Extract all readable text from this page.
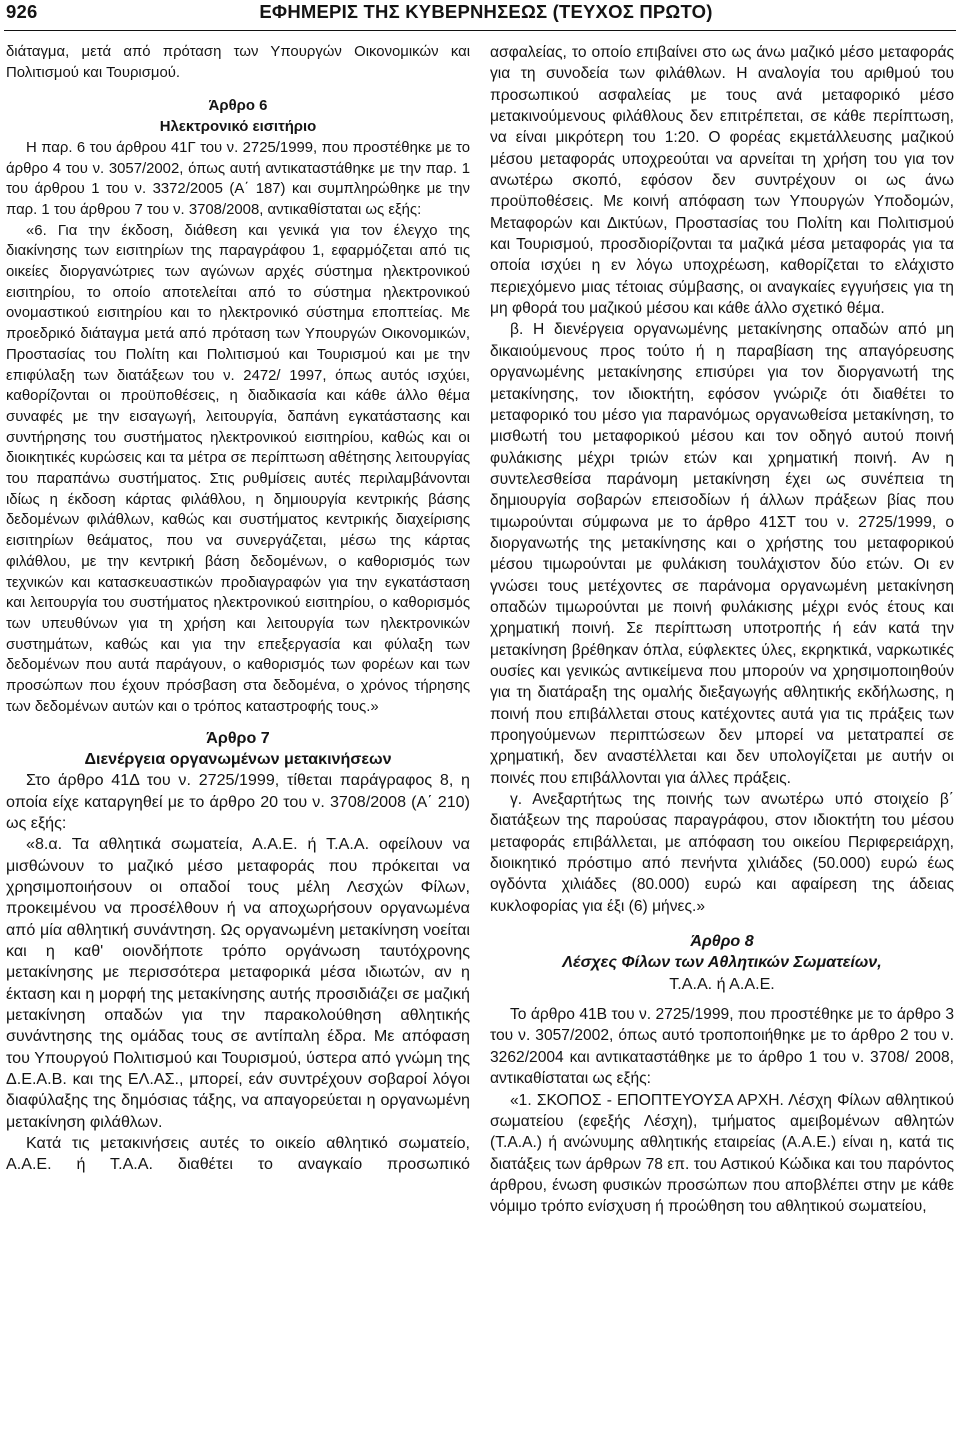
926	ΕΦΗΜΕΡΙΣ ΤΗΣ ΚΥΒΕΡΝΗΣΕΩΣ (ΤΕΥΧΟΣ ΠΡΩΤΟ)

διάταγμα, μετά από πρόταση των Υπουργών Οικονομικών και Πολιτισμού και Τουρισμού.

Άρθρο 6

Ηλεκτρονικό εισιτήριο

Η παρ. 6 του άρθρου 41Γ του ν. 2725/1999, που προστέθηκε με το άρθρο 4 του ν. 3057/2002, όπως αυτή αντικαταστάθηκε με την παρ. 1 του άρθρου 1 του ν. 3372/2005 (Α΄ 187) και συμπληρώθηκε με την παρ. 1 του άρθρου 7 του ν. 3708/2008, αντικαθίσταται ως εξής:

«6. Για την έκδοση, διάθεση και γενικά για τον έλεγχο της διακίνησης των εισιτηρίων της παραγράφου 1, εφαρμόζεται από τις οικείες διοργανώτριες των αγώνων αρχές σύστημα ηλεκτρονικού εισιτηρίου, το οποίο αποτελείται από το σύστημα ηλεκτρονικού ονομαστικού εισιτηρίου και το ηλεκτρονικό σύστημα εποπτείας. Με προεδρικό διάταγμα μετά από πρόταση των Υπουργών Οικονομικών, Προστασίας του Πολίτη και Πολιτισμού και Τουρισμού και με την επιφύλαξη των διατάξεων του ν. 2472/ 1997, όπως αυτός ισχύει, καθορίζονται οι προϋποθέσεις, η διαδικασία και κάθε άλλο θέμα συναφές με την εισαγωγή, λειτουργία, δαπάνη εγκατάστασης και συντήρησης του συστήματος ηλεκτρονικού εισιτηρίου, καθώς και οι διοικητικές κυρώσεις και τα μέτρα σε περίπτωση αθέτησης λειτουργίας του παραπάνω συστήματος. Στις ρυθμίσεις αυτές περιλαμβάνονται ιδίως η έκδοση κάρτας φιλάθλου, η δημιουργία κεντρικής βάσης δεδομένων φιλάθλων, καθώς και συστήματος κεντρικής διαχείρισης εισιτηρίων θεάματος, που να συνεργάζεται, μέσω της κάρτας φιλάθλου, με την κεντρική βάση δεδομένων, ο καθορισμός των τεχνικών και κατασκευαστικών προδιαγραφών για την εγκατάσταση και λειτουργία του συστήματος ηλεκτρονικού εισιτηρίου, ο καθορισμός των υπευθύνων για τη χρήση και λειτουργία των ηλεκτρονικών συστημάτων, καθώς και για την επεξεργασία και φύλαξη των δεδομένων που αυτά παράγουν, ο καθορισμός των φορέων και των προσώπων που έχουν πρόσβαση στα δεδομένα, ο χρόνος τήρησης των δεδομένων αυτών και ο τρόπος καταστροφής τους.»

Άρθρο 7

Διενέργεια οργανωμένων μετακινήσεων

Στο άρθρο 41Δ του ν. 2725/1999, τίθεται παράγραφος 8, η οποία είχε καταργηθεί με το άρθρο 20 του ν. 3708/2008 (Α΄ 210) ως εξής:

«8.α. Τα αθλητικά σωματεία, Α.Α.Ε. ή Τ.Α.Α. οφείλουν να μισθώνουν το μαζικό μέσο μεταφοράς που πρόκειται να χρησιμοποιήσουν οι οπαδοί τους μέλη Λεσχών Φίλων, προκειμένου να προσέλθουν ή να αποχωρήσουν οργανωμένα από μία αθλητική συνάντηση. Ως οργανωμένη μετακίνηση νοείται και η καθ' οιονδήποτε τρόπο οργάνωση ταυτόχρονης μετακίνησης με περισσότερα μεταφορικά μέσα ιδιωτών, αν η έκταση και η μορφή της μετακίνησης αυτής προσιδιάζει σε μαζική μετακίνηση οπαδών για την παρακολούθηση αθλητικής συνάντησης της ομάδας τους σε αντίπαλη έδρα. Με απόφαση του Υπουργού Πολιτισμού και Τουρισμού, ύστερα από γνώμη της Δ.Ε.Α.Β. και της ΕΛ.ΑΣ., μπορεί, εάν συντρέχουν σοβαροί λόγοι διαφύλαξης της δημόσιας τάξης, να απαγορεύεται η οργανωμένη μετακίνηση φιλάθλων.

Κατά τις μετακινήσεις αυτές το οικείο αθλητικό σωματείο, Α.Α.Ε. ή Τ.Α.Α. διαθέτει το αναγκαίο προσωπικό

ασφαλείας, το οποίο επιβαίνει στο ως άνω μαζικό μέσο μεταφοράς για τη συνοδεία των φιλάθλων. Η αναλογία του αριθμού του προσωπικού ασφαλείας με τους ανά μεταφορικό μέσο μετακινούμενους φιλάθλους δεν επιτρέπεται, σε κάθε περίπτωση, να είναι μικρότερη του 1:20. Ο φορέας εκμετάλλευσης μαζικού μέσου μεταφοράς υποχρεούται να αρνείται τη χρήση του για τον ανωτέρω σκοπό, εφόσον δεν συντρέχουν οι ως άνω προϋποθέσεις. Με κοινή απόφαση των Υπουργών Υποδομών, Μεταφορών και Δικτύων, Προστασίας του Πολίτη και Πολιτισμού και Τουρισμού, προσδιορίζονται τα μαζικά μέσα μεταφοράς για τα οποία ισχύει η εν λόγω υποχρέωση, καθορίζεται το ελάχιστο περιεχόμενο μιας τέτοιας σύμβασης, οι αναγκαίες εγγυήσεις για τη μη φθορά του μαζικού μέσου και κάθε άλλο σχετικό θέμα.

β. Η διενέργεια οργανωμένης μετακίνησης οπαδών από μη δικαιούμενους προς τούτο ή η παραβίαση της απαγόρευσης οργανωμένης μετακίνησης επισύρει για τον διοργανωτή της μετακίνησης, τον ιδιοκτήτη, εφόσον γνώριζε ότι διαθέτει το μεταφορικό του μέσο για παρανόμως οργανωθείσα μετακίνηση, το μισθωτή του μεταφορικού μέσου και τον οδηγό αυτού ποινή φυλάκισης μέχρι τριών ετών και χρηματική ποινή. Αν η συντελεσθείσα παράνομη μετακίνηση έχει ως συνέπεια τη δημιουργία σοβαρών επεισοδίων ή άλλων πράξεων βίας που τιμωρούνται σύμφωνα με το άρθρο 41ΣΤ του ν. 2725/1999, ο διοργανωτής της μετακίνησης και ο χρήστης του μεταφορικού μέσου τιμωρούνται με φυλάκιση τουλάχιστον δύο ετών. Οι εν γνώσει τους μετέχοντες σε παράνομα οργανωμένη μετακίνηση οπαδών τιμωρούνται με ποινή φυλάκισης μέχρι ενός έτους και χρηματική ποινή. Σε περίπτωση υποτροπής ή εάν κατά την μετακίνηση βρέθηκαν όπλα, εύφλεκτες ύλες, εκρηκτικά, ναρκωτικές ουσίες και γενικώς αντικείμενα που μπορούν να χρησιμοποιηθούν για τη διατάραξη της ομαλής διεξαγωγής αθλητικής εκδήλωσης, η ποινή που επιβάλλεται στους κατέχοντες αυτά για τις πράξεις των προηγούμενων περιπτώσεων δεν μπορεί να μετατραπεί σε χρηματική, δεν αναστέλλεται και δεν υπολογίζεται με αυτήν οι ποινές που επιβάλλονται για άλλες πράξεις.

γ. Ανεξαρτήτως της ποινής των ανωτέρω υπό στοιχείο β΄ διατάξεων της παρούσας παραγράφου, στον ιδιοκτήτη του μέσου μεταφοράς επιβάλλεται, με απόφαση του οικείου Περιφερειάρχη, διοικητικό πρόστιμο από πενήντα χιλιάδες (50.000) ευρώ έως ογδόντα χιλιάδες (80.000) ευρώ και αφαίρεση της άδειας κυκλοφορίας για έξι (6) μήνες.»

Άρθρο 8

Λέσχες Φίλων των Αθλητικών Σωματείων,

Τ.Α.Α. ή Α.Α.Ε.

Το άρθρο 41Β του ν. 2725/1999, που προστέθηκε με το άρθρο 3 του ν. 3057/2002, όπως αυτό τροποποιήθηκε με το άρθρο 2 του ν. 3262/2004 και αντικαταστάθηκε με το άρθρο 1 του ν. 3708/ 2008, αντικαθίσταται ως εξής:

«1. ΣΚΟΠΟΣ - ΕΠΟΠΤΕΥΟΥΣΑ ΑΡΧΗ. Λέσχη Φίλων αθλητικού σωματείου (εφεξής Λέσχη), τμήματος αμειβομένων αθλητών (Τ.Α.Α.) ή ανώνυμης αθλητικής εταιρείας (Α.Α.Ε.) είναι η, κατά τις διατάξεις των άρθρων 78 επ. του Αστικού Κώδικα και του παρόντος άρθρου, ένωση φυσικών προσώπων που αποβλέπει στην με κάθε νόμιμο τρόπο ενίσχυση ή προώθηση του αθλητικού σωματείου,
